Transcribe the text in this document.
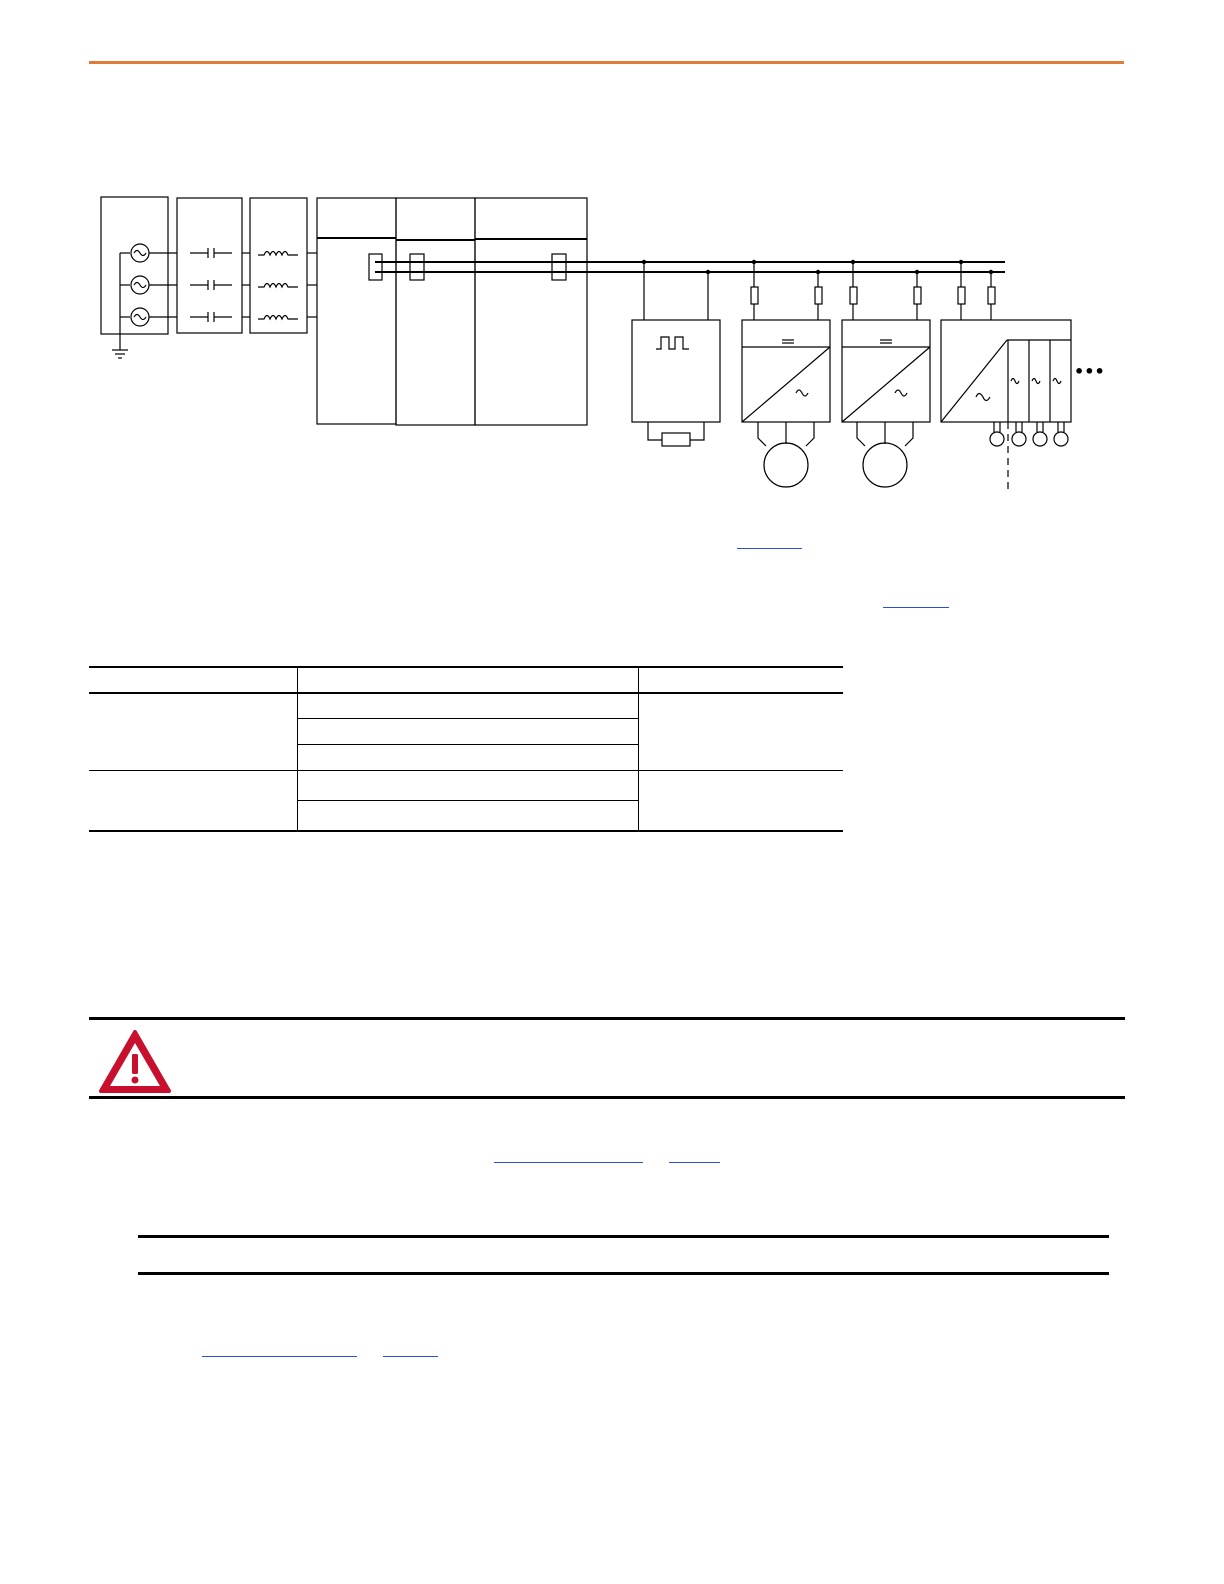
•••
